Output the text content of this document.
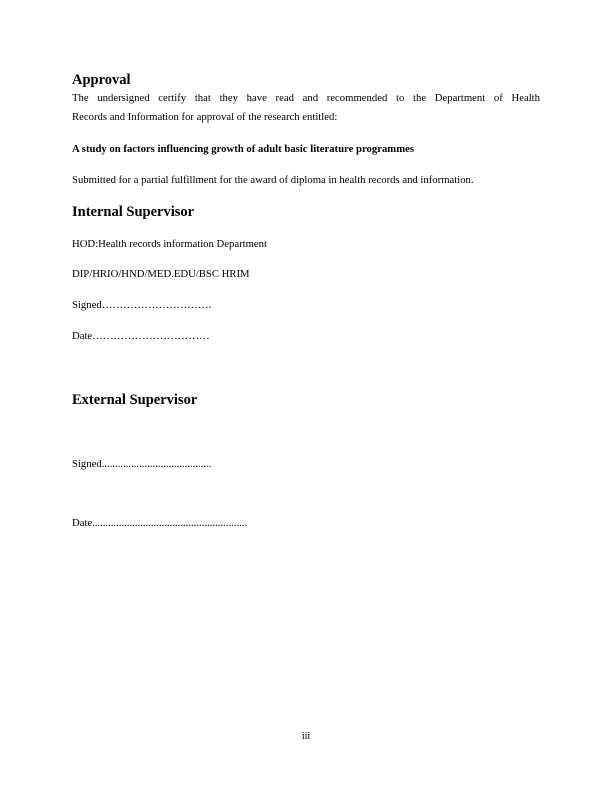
Approval
The undersigned certify that they have read and recommended to the Department of Health
Records and Information for approval of the research entitled:
A study on factors influencing growth of adult basic literature programmes
Submitted for a partial fulfillment for the award of diploma in health records and information.
Internal Supervisor
HOD:Health records information Department
DIP/HRIO/HND/MED.EDU/BSC HRIM
Signed………………………….
Date……………………………
External Supervisor
Signed.........................................
Date..........................................................
iii
